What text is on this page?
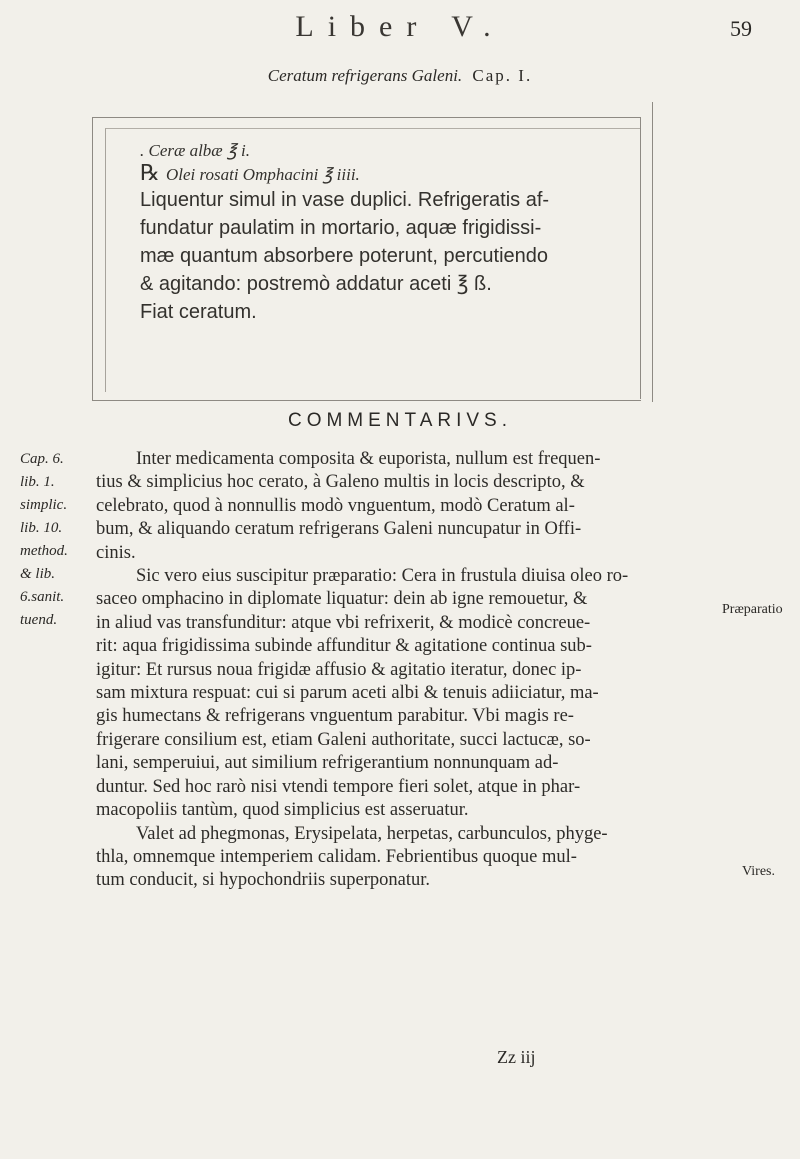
Liber V.	59
Ceratum refrigerans Galeni. Cap. I.
. Ceræ albæ ℥ i.
℞ Olei rosati Omphacini ℥ iiii.
Liquentur simul in vase duplici. Refrigeratis af-
fundatur paulatim in mortario, aquæ frigidissi-
mæ quantum absorbere poterunt, percutiendo
& agitando: postremò addatur aceti ℥ ß.
Fiat ceratum.
COMMENTARIVS.
Cap. 6.
lib. 1.
simplic.
lib. 10.
method.
& lib.
6.sanit.
tuend.
Præparatio
Vires.
Inter medicamenta composita & euporista, nullum est frequen-
tius & simplicius hoc cerato, à Galeno multis in locis descripto, &
celebrato, quod à nonnullis modò vnguentum, modò Ceratum al-
bum, & aliquando ceratum refrigerans Galeni nuncupatur in Offi-
cinis.
Sic vero eius suscipitur præparatio: Cera in frustula diuisa oleo ro-
saceo omphacino in diplomate liquatur: dein ab igne remouetur, &
in aliud vas transfunditur: atque vbi refrixerit, & modicè concreue-
rit: aqua frigidissima subinde affunditur & agitatione continua sub-
igitur: Et rursus noua frigidæ affusio & agitatio iteratur, donec ip-
sam mixtura respuat: cui si parum aceti albi & tenuis adiiciatur, ma-
gis humectans & refrigerans vnguentum parabitur. Vbi magis re-
frigerare consilium est, etiam Galeni authoritate, succi lactucæ, so-
lani, semperuiui, aut similium refrigerantium nonnunquam ad-
duntur. Sed hoc rarò nisi vtendi tempore fieri solet, atque in phar-
macopoliis tantùm, quod simplicius est asseruatur.
Valet ad phegmonas, Erysipelata, herpetas, carbunculos, phyge-
thla, omnemque intemperiem calidam. Febrientibus quoque mul-
tum conducit, si hypochondriis superponatur.
Zz iij
